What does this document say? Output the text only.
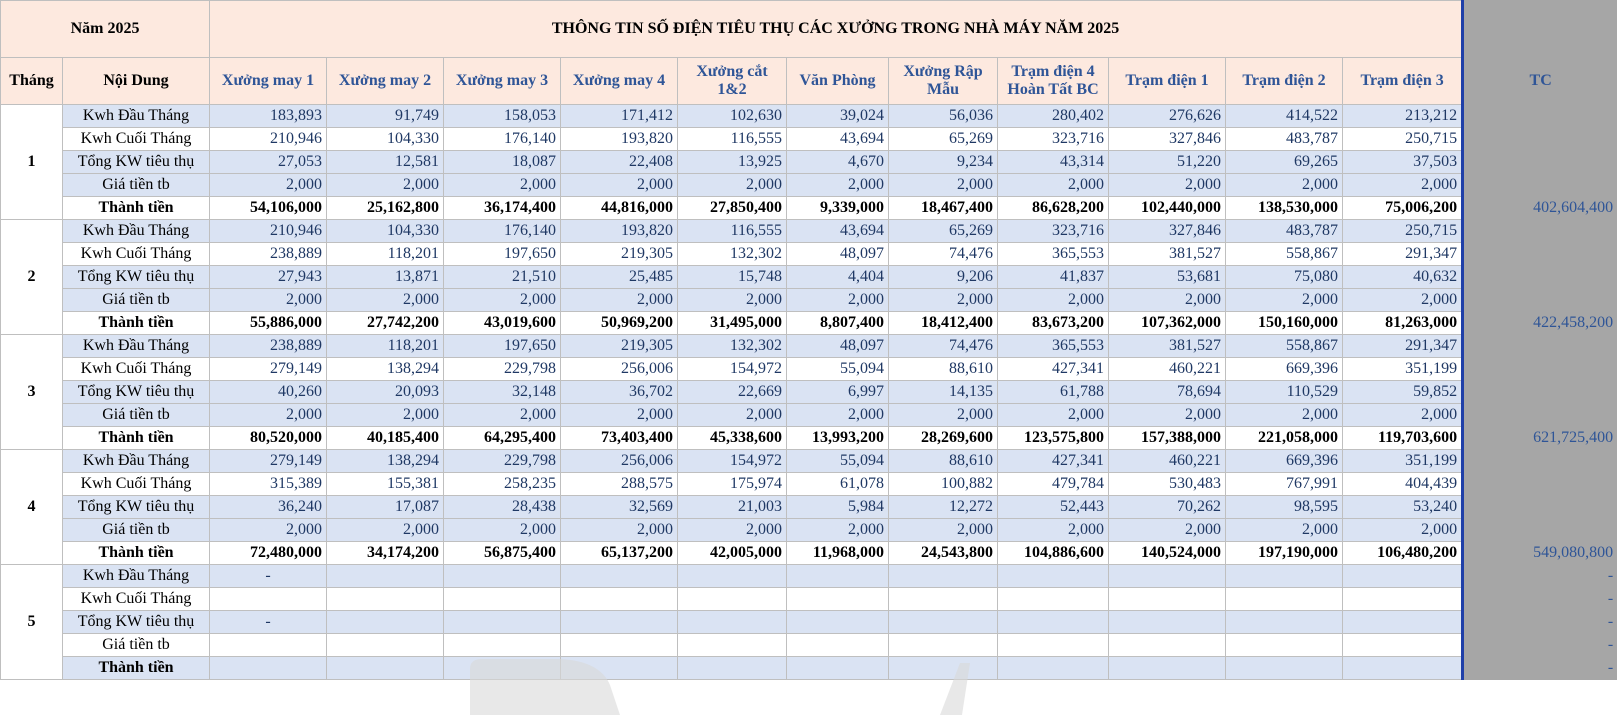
Năm 2025		THÔNG TIN SỐ ĐIỆN TIÊU THỤ CÁC XƯỞNG TRONG NHÀ MÁY NĂM 2025											
Tháng	Nội Dung	Xưởng may 1	Xưởng may 2	Xưởng may 3	Xưởng may 4	Xưởng cắt 1&2	Văn Phòng	Xưởng Rập Mẫu	Trạm điện 4 Hoàn Tất BC	Trạm điện 1	Trạm điện 2	Trạm điện 3	TC
1	Kwh Đầu Tháng	183,893	91,749	158,053	171,412	102,630	39,024	56,036	280,402	276,626	414,522	213,212	
	Kwh Cuối Tháng	210,946	104,330	176,140	193,820	116,555	43,694	65,269	323,716	327,846	483,787	250,715	
	Tổng KW tiêu thụ	27,053	12,581	18,087	22,408	13,925	4,670	9,234	43,314	51,220	69,265	37,503	
	Giá tiền tb	2,000	2,000	2,000	2,000	2,000	2,000	2,000	2,000	2,000	2,000	2,000	
	Thành tiền	54,106,000	25,162,800	36,174,400	44,816,000	27,850,400	9,339,000	18,467,400	86,628,200	102,440,000	138,530,000	75,006,200	402,604,400
2	Kwh Đầu Tháng	210,946	104,330	176,140	193,820	116,555	43,694	65,269	323,716	327,846	483,787	250,715	
	Kwh Cuối Tháng	238,889	118,201	197,650	219,305	132,302	48,097	74,476	365,553	381,527	558,867	291,347	
	Tổng KW tiêu thụ	27,943	13,871	21,510	25,485	15,748	4,404	9,206	41,837	53,681	75,080	40,632	
	Giá tiền tb	2,000	2,000	2,000	2,000	2,000	2,000	2,000	2,000	2,000	2,000	2,000	
	Thành tiền	55,886,000	27,742,200	43,019,600	50,969,200	31,495,000	8,807,400	18,412,400	83,673,200	107,362,000	150,160,000	81,263,000	422,458,200
3	Kwh Đầu Tháng	238,889	118,201	197,650	219,305	132,302	48,097	74,476	365,553	381,527	558,867	291,347	
	Kwh Cuối Tháng	279,149	138,294	229,798	256,006	154,972	55,094	88,610	427,341	460,221	669,396	351,199	
	Tổng KW tiêu thụ	40,260	20,093	32,148	36,702	22,669	6,997	14,135	61,788	78,694	110,529	59,852	
	Giá tiền tb	2,000	2,000	2,000	2,000	2,000	2,000	2,000	2,000	2,000	2,000	2,000	
	Thành tiền	80,520,000	40,185,400	64,295,400	73,403,400	45,338,600	13,993,200	28,269,600	123,575,800	157,388,000	221,058,000	119,703,600	621,725,400
4	Kwh Đầu Tháng	279,149	138,294	229,798	256,006	154,972	55,094	88,610	427,341	460,221	669,396	351,199	
	Kwh Cuối Tháng	315,389	155,381	258,235	288,575	175,974	61,078	100,882	479,784	530,483	767,991	404,439	
	Tổng KW tiêu thụ	36,240	17,087	28,438	32,569	21,003	5,984	12,272	52,443	70,262	98,595	53,240	
	Giá tiền tb	2,000	2,000	2,000	2,000	2,000	2,000	2,000	2,000	2,000	2,000	2,000	
	Thành tiền	72,480,000	34,174,200	56,875,400	65,137,200	42,005,000	11,968,000	24,543,800	104,886,600	140,524,000	197,190,000	106,480,200	549,080,800
5	Kwh Đầu Tháng	-											-
	Kwh Cuối Tháng												-
	Tổng KW tiêu thụ	-											-
	Giá tiền tb												-
	Thành tiền												-
